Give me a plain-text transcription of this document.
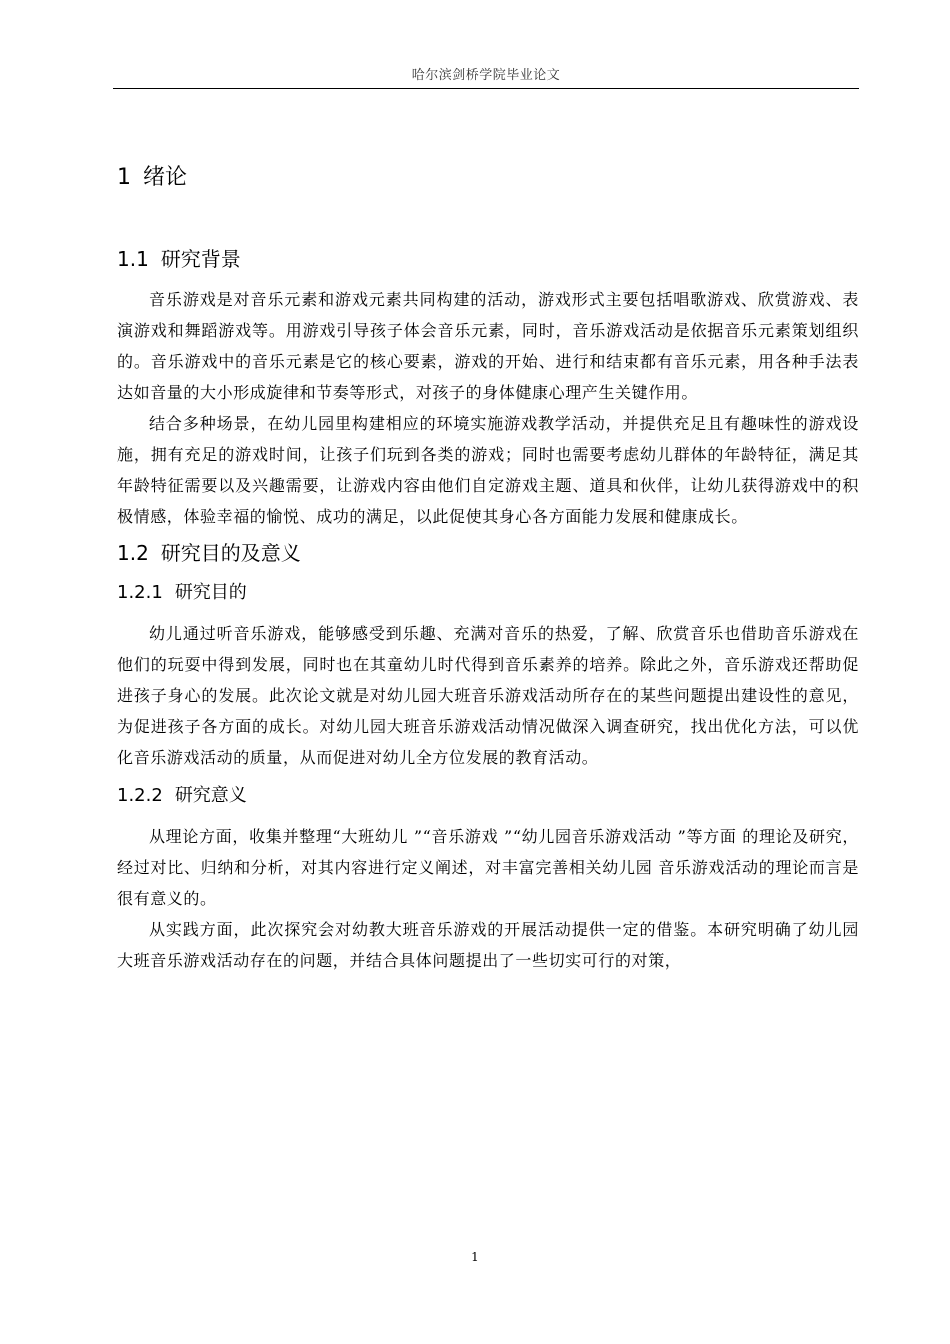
哈尔滨剑桥学院毕业论文
1 绪论
1.1 研究背景

音乐游戏是对音乐元素和游戏元素共同构建的活动，游戏形式主要包括唱歌游戏、欣赏游戏、表演游戏和舞蹈游戏等。用游戏引导孩子体会音乐元素，同时，音乐游戏活动是依据音乐元素策划组织的。音乐游戏中的音乐元素是它的核心要素，游戏的开始、进行和结束都有音乐元素，用各种手法表达如音量的大小形成旋律和节奏等形式，对孩子的身体健康心理产生关键作用。

结合多种场景，在幼儿园里构建相应的环境实施游戏教学活动，并提供充足且有趣味性的游戏设施，拥有充足的游戏时间，让孩子们玩到各类的游戏；同时也需要考虑幼儿群体的年龄特征，满足其年龄特征需要以及兴趣需要，让游戏内容由他们自定游戏主题、道具和伙伴，让幼儿获得游戏中的积极情感，体验幸福的愉悦、成功的满足，以此促使其身心各方面能力发展和健康成长。

1.2 研究目的及意义
1.2.1 研究目的

幼儿通过听音乐游戏，能够感受到乐趣、充满对音乐的热爱，了解、欣赏音乐也借助音乐游戏在他们的玩耍中得到发展，同时也在其童幼儿时代得到音乐素养的培养。除此之外，音乐游戏还帮助促进孩子身心的发展。此次论文就是对幼儿园大班音乐游戏活动所存在的某些问题提出建设性的意见，为促进孩子各方面的成长。对幼儿园大班音乐游戏活动情况做深入调查研究，找出优化方法，可以优化音乐游戏活动的质量，从而促进对幼儿全方位发展的教育活动。

1.2.2 研究意义

从理论方面，收集并整理“大班幼儿 ”“音乐游戏 ”“幼儿园音乐游戏活动 ”等方面 的理论及研究，经过对比、归纳和分析，对其内容进行定义阐述，对丰富完善相关幼儿园 音乐游戏活动的理论而言是很有意义的。

从实践方面，此次探究会对幼教大班音乐游戏的开展活动提供一定的借鉴。本研究明确了幼儿园大班音乐游戏活动存在的问题，并结合具体问题提出了一些切实可行的对策，

1
